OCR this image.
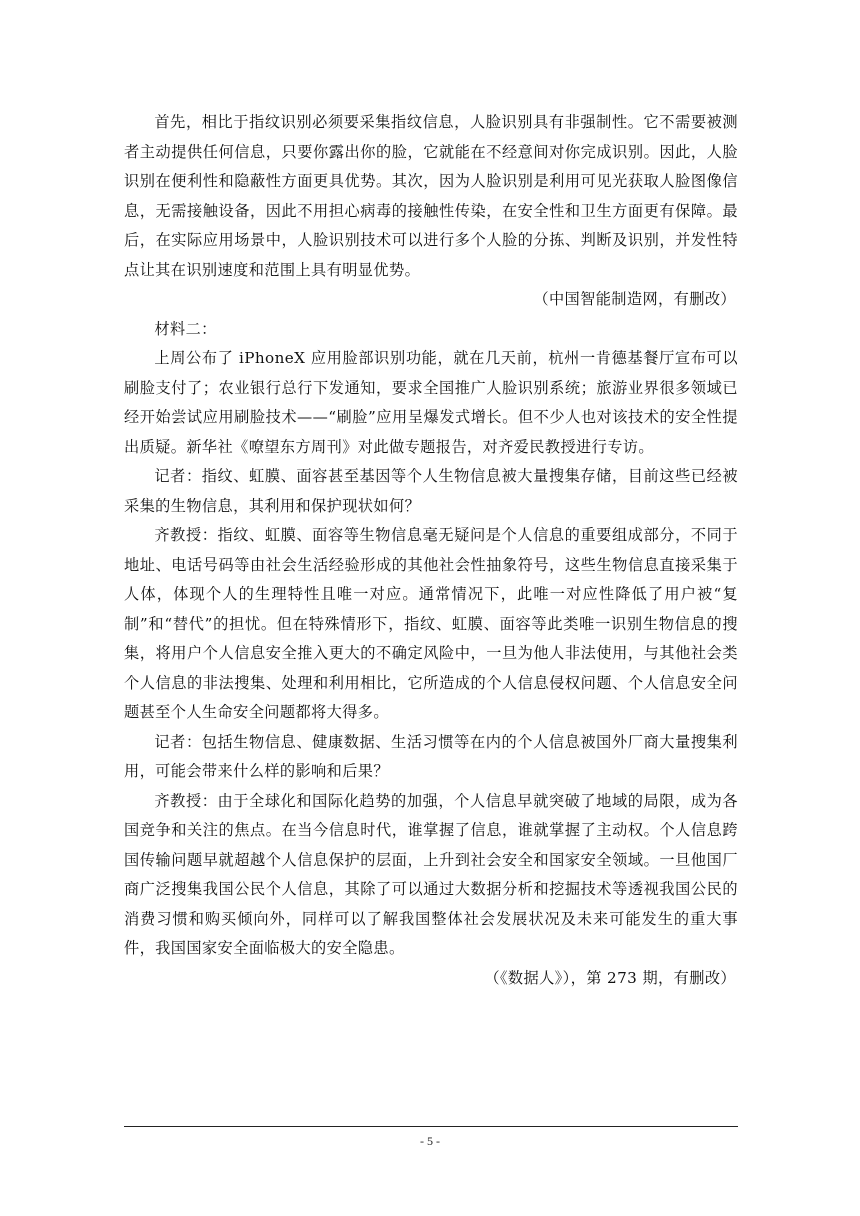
首先，相比于指纹识别必须要采集指纹信息，人脸识别具有非强制性。它不需要被测者主动提供任何信息，只要你露出你的脸，它就能在不经意间对你完成识别。因此，人脸识别在便利性和隐蔽性方面更具优势。其次，因为人脸识别是利用可见光获取人脸图像信息，无需接触设备，因此不用担心病毒的接触性传染，在安全性和卫生方面更有保障。最后，在实际应用场景中，人脸识别技术可以进行多个人脸的分拣、判断及识别，并发性特点让其在识别速度和范围上具有明显优势。

（中国智能制造网，有删改）

材料二：

上周公布了 iPhoneX 应用脸部识别功能，就在几天前，杭州一肯德基餐厅宣布可以刷脸支付了；农业银行总行下发通知，要求全国推广人脸识别系统；旅游业界很多领域已经开始尝试应用刷脸技术——“刷脸”应用呈爆发式增长。但不少人也对该技术的安全性提出质疑。新华社《嘹望东方周刊》对此做专题报告，对齐爱民教授进行专访。

记者：指纹、虹膜、面容甚至基因等个人生物信息被大量搜集存储，目前这些已经被采集的生物信息，其利用和保护现状如何？

齐教授：指纹、虹膜、面容等生物信息毫无疑问是个人信息的重要组成部分，不同于地址、电话号码等由社会生活经验形成的其他社会性抽象符号，这些生物信息直接采集于人体，体现个人的生理特性且唯一对应。通常情况下，此唯一对应性降低了用户被“复制”和“替代”的担忧。但在特殊情形下，指纹、虹膜、面容等此类唯一识别生物信息的搜集，将用户个人信息安全推入更大的不确定风险中，一旦为他人非法使用，与其他社会类个人信息的非法搜集、处理和利用相比，它所造成的个人信息侵权问题、个人信息安全问题甚至个人生命安全问题都将大得多。

记者：包括生物信息、健康数据、生活习惯等在内的个人信息被国外厂商大量搜集利用，可能会带来什么样的影响和后果？

齐教授：由于全球化和国际化趋势的加强，个人信息早就突破了地域的局限，成为各国竞争和关注的焦点。在当今信息时代，谁掌握了信息，谁就掌握了主动权。个人信息跨国传输问题早就超越个人信息保护的层面，上升到社会安全和国家安全领域。一旦他国厂商广泛搜集我国公民个人信息，其除了可以通过大数据分析和挖掘技术等透视我国公民的消费习惯和购买倾向外，同样可以了解我国整体社会发展状况及未来可能发生的重大事件，我国国家安全面临极大的安全隐患。

（《数据人》），第 273 期，有删改）

- 5 -
